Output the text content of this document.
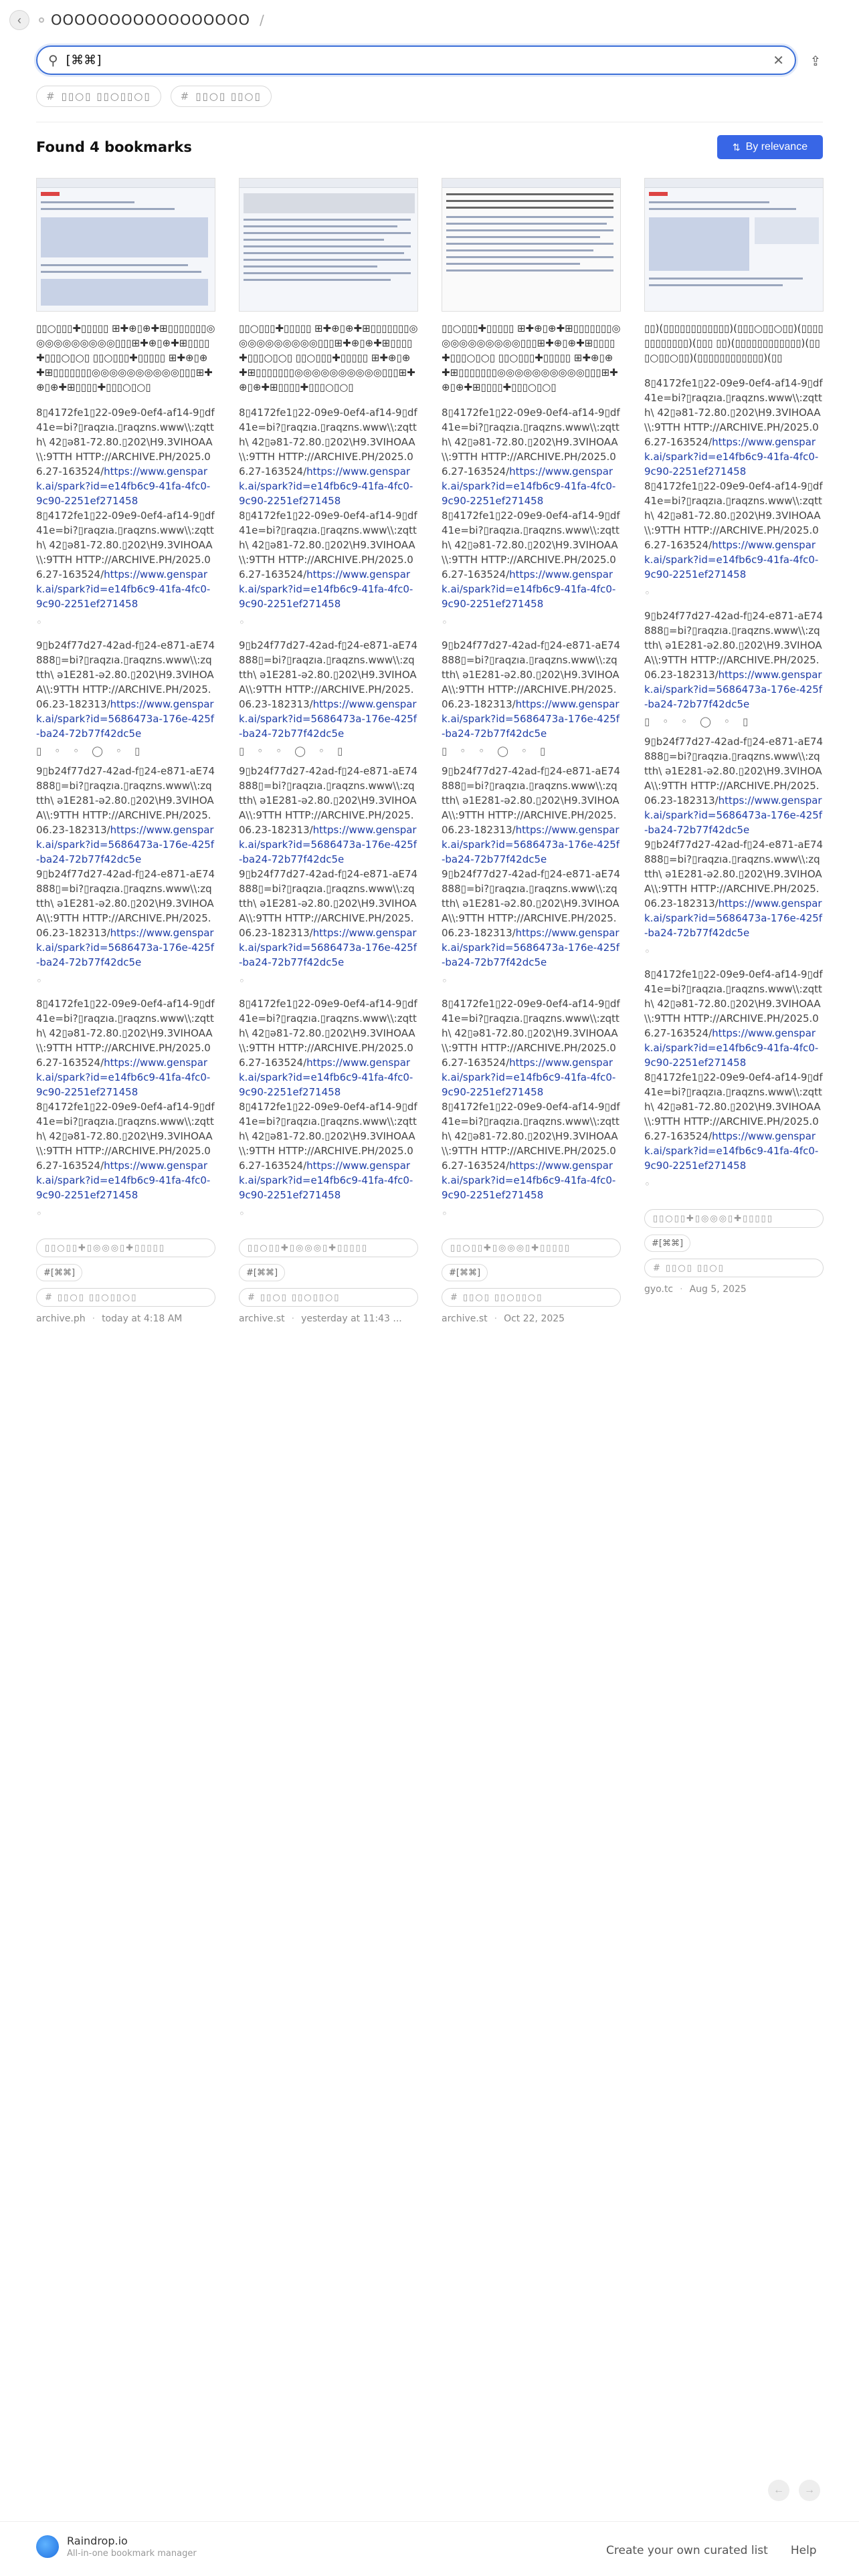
‹ OOOOOOOOOOOOOOOOO /
⚲
[⌘⌘]	✕	⇪
# ▯▯○▯ ▯▯○▯▯○▯	# ▯▯○▯ ▯▯○▯
Found 4 bookmarks	⇅ By relevance
▯▯○▯▯▯✚▯▯▯▯▯ ⊞✚⊕▯⊕✚⊞▯▯▯▯▯▯▯◎◎◎◎◎◎◎◎◎◎▯▯▯⊞✚⊕▯⊕✚⊞▯▯▯▯✚▯▯▯○▯○▯ ▯▯○▯▯▯✚▯▯▯▯▯ ⊞✚⊕▯⊕✚⊞▯▯▯▯▯▯▯◎◎◎◎◎◎◎◎◎◎▯▯▯⊞✚⊕▯⊕✚⊞▯▯▯▯✚▯▯▯○▯○▯
8▯4172fe1▯22-09e9-0ef4-af14-9▯df41e=bi?▯raqzıa.▯raqzns.www\\:zqtth\ 42▯ǝ81-72.80.▯202\H9.3VIHOAA\\:9TTH HTTP://ARCHIVE.PH/2025.06.27-163524/https://www.genspark.ai/spark?id=e14fb6c9-41fa-4fc0-9c90-2251ef271458
8▯4172fe1▯22-09e9-0ef4-af14-9▯df41e=bi?▯raqzıa.▯raqzns.www\\:zqtth\ 42▯ǝ81-72.80.▯202\H9.3VIHOAA\\:9TTH HTTP://ARCHIVE.PH/2025.06.27-163524/https://www.genspark.ai/spark?id=e14fb6c9-41fa-4fc0-9c90-2251ef271458
◦
9▯b24f77d27-42ad-f▯24-e871-aE74888▯=bi?▯raqzıa.▯raqzns.www\\:zqtth\ ǝ1E281-ǝ2.80.▯202\H9.3VIHOAA\\:9TTH HTTP://ARCHIVE.PH/2025.06.23-182313/https://www.genspark.ai/spark?id=5686473a-176e-425f-ba24-72b77f42dc5e
▯    ◦    ◦    ◯    ◦    ▯
9▯b24f77d27-42ad-f▯24-e871-aE74888▯=bi?▯raqzıa.▯raqzns.www\\:zqtth\ ǝ1E281-ǝ2.80.▯202\H9.3VIHOAA\\:9TTH HTTP://ARCHIVE.PH/2025.06.23-182313/https://www.genspark.ai/spark?id=5686473a-176e-425f-ba24-72b77f42dc5e
9▯b24f77d27-42ad-f▯24-e871-aE74888▯=bi?▯raqzıa.▯raqzns.www\\:zqtth\ ǝ1E281-ǝ2.80.▯202\H9.3VIHOAA\\:9TTH HTTP://ARCHIVE.PH/2025.06.23-182313/https://www.genspark.ai/spark?id=5686473a-176e-425f-ba24-72b77f42dc5e
◦
8▯4172fe1▯22-09e9-0ef4-af14-9▯df41e=bi?▯raqzıa.▯raqzns.www\\:zqtth\ 42▯ǝ81-72.80.▯202\H9.3VIHOAA\\:9TTH HTTP://ARCHIVE.PH/2025.06.27-163524/https://www.genspark.ai/spark?id=e14fb6c9-41fa-4fc0-9c90-2251ef271458
8▯4172fe1▯22-09e9-0ef4-af14-9▯df41e=bi?▯raqzıa.▯raqzns.www\\:zqtth\ 42▯ǝ81-72.80.▯202\H9.3VIHOAA\\:9TTH HTTP://ARCHIVE.PH/2025.06.27-163524/https://www.genspark.ai/spark?id=e14fb6c9-41fa-4fc0-9c90-2251ef271458
◦
▯▯○▯▯✚▯◎◎◎▯✚▯▯▯▯▯
#[⌘⌘]
# ▯▯○▯ ▯▯○▯▯○▯
archive.ph · today at 4:18 AM
▯▯○▯▯▯✚▯▯▯▯▯ ⊞✚⊕▯⊕✚⊞▯▯▯▯▯▯▯◎◎◎◎◎◎◎◎◎◎▯▯▯⊞✚⊕▯⊕✚⊞▯▯▯▯✚▯▯▯○▯○▯ ▯▯○▯▯▯✚▯▯▯▯▯ ⊞✚⊕▯⊕✚⊞▯▯▯▯▯▯▯◎◎◎◎◎◎◎◎◎◎▯▯▯⊞✚⊕▯⊕✚⊞▯▯▯▯✚▯▯▯○▯○▯
8▯4172fe1▯22-09e9-0ef4-af14-9▯df41e=bi?▯raqzıa.▯raqzns.www\\:zqtth\ 42▯ǝ81-72.80.▯202\H9.3VIHOAA\\:9TTH HTTP://ARCHIVE.PH/2025.06.27-163524/https://www.genspark.ai/spark?id=e14fb6c9-41fa-4fc0-9c90-2251ef271458
8▯4172fe1▯22-09e9-0ef4-af14-9▯df41e=bi?▯raqzıa.▯raqzns.www\\:zqtth\ 42▯ǝ81-72.80.▯202\H9.3VIHOAA\\:9TTH HTTP://ARCHIVE.PH/2025.06.27-163524/https://www.genspark.ai/spark?id=e14fb6c9-41fa-4fc0-9c90-2251ef271458
◦
9▯b24f77d27-42ad-f▯24-e871-aE74888▯=bi?▯raqzıa.▯raqzns.www\\:zqtth\ ǝ1E281-ǝ2.80.▯202\H9.3VIHOAA\\:9TTH HTTP://ARCHIVE.PH/2025.06.23-182313/https://www.genspark.ai/spark?id=5686473a-176e-425f-ba24-72b77f42dc5e
▯    ◦    ◦    ◯    ◦    ▯
9▯b24f77d27-42ad-f▯24-e871-aE74888▯=bi?▯raqzıa.▯raqzns.www\\:zqtth\ ǝ1E281-ǝ2.80.▯202\H9.3VIHOAA\\:9TTH HTTP://ARCHIVE.PH/2025.06.23-182313/https://www.genspark.ai/spark?id=5686473a-176e-425f-ba24-72b77f42dc5e
9▯b24f77d27-42ad-f▯24-e871-aE74888▯=bi?▯raqzıa.▯raqzns.www\\:zqtth\ ǝ1E281-ǝ2.80.▯202\H9.3VIHOAA\\:9TTH HTTP://ARCHIVE.PH/2025.06.23-182313/https://www.genspark.ai/spark?id=5686473a-176e-425f-ba24-72b77f42dc5e
◦
8▯4172fe1▯22-09e9-0ef4-af14-9▯df41e=bi?▯raqzıa.▯raqzns.www\\:zqtth\ 42▯ǝ81-72.80.▯202\H9.3VIHOAA\\:9TTH HTTP://ARCHIVE.PH/2025.06.27-163524/https://www.genspark.ai/spark?id=e14fb6c9-41fa-4fc0-9c90-2251ef271458
8▯4172fe1▯22-09e9-0ef4-af14-9▯df41e=bi?▯raqzıa.▯raqzns.www\\:zqtth\ 42▯ǝ81-72.80.▯202\H9.3VIHOAA\\:9TTH HTTP://ARCHIVE.PH/2025.06.27-163524/https://www.genspark.ai/spark?id=e14fb6c9-41fa-4fc0-9c90-2251ef271458
◦
▯▯○▯▯✚▯◎◎◎▯✚▯▯▯▯▯
#[⌘⌘]
# ▯▯○▯ ▯▯○▯▯○▯
archive.st · yesterday at 11:43 ...
▯▯○▯▯▯✚▯▯▯▯▯ ⊞✚⊕▯⊕✚⊞▯▯▯▯▯▯▯◎◎◎◎◎◎◎◎◎◎▯▯▯⊞✚⊕▯⊕✚⊞▯▯▯▯✚▯▯▯○▯○▯ ▯▯○▯▯▯✚▯▯▯▯▯ ⊞✚⊕▯⊕✚⊞▯▯▯▯▯▯▯◎◎◎◎◎◎◎◎◎◎▯▯▯⊞✚⊕▯⊕✚⊞▯▯▯▯✚▯▯▯○▯○▯
8▯4172fe1▯22-09e9-0ef4-af14-9▯df41e=bi?▯raqzıa.▯raqzns.www\\:zqtth\ 42▯ǝ81-72.80.▯202\H9.3VIHOAA\\:9TTH HTTP://ARCHIVE.PH/2025.06.27-163524/https://www.genspark.ai/spark?id=e14fb6c9-41fa-4fc0-9c90-2251ef271458
8▯4172fe1▯22-09e9-0ef4-af14-9▯df41e=bi?▯raqzıa.▯raqzns.www\\:zqtth\ 42▯ǝ81-72.80.▯202\H9.3VIHOAA\\:9TTH HTTP://ARCHIVE.PH/2025.06.27-163524/https://www.genspark.ai/spark?id=e14fb6c9-41fa-4fc0-9c90-2251ef271458
◦
9▯b24f77d27-42ad-f▯24-e871-aE74888▯=bi?▯raqzıa.▯raqzns.www\\:zqtth\ ǝ1E281-ǝ2.80.▯202\H9.3VIHOAA\\:9TTH HTTP://ARCHIVE.PH/2025.06.23-182313/https://www.genspark.ai/spark?id=5686473a-176e-425f-ba24-72b77f42dc5e
▯    ◦    ◦    ◯    ◦    ▯
9▯b24f77d27-42ad-f▯24-e871-aE74888▯=bi?▯raqzıa.▯raqzns.www\\:zqtth\ ǝ1E281-ǝ2.80.▯202\H9.3VIHOAA\\:9TTH HTTP://ARCHIVE.PH/2025.06.23-182313/https://www.genspark.ai/spark?id=5686473a-176e-425f-ba24-72b77f42dc5e
9▯b24f77d27-42ad-f▯24-e871-aE74888▯=bi?▯raqzıa.▯raqzns.www\\:zqtth\ ǝ1E281-ǝ2.80.▯202\H9.3VIHOAA\\:9TTH HTTP://ARCHIVE.PH/2025.06.23-182313/https://www.genspark.ai/spark?id=5686473a-176e-425f-ba24-72b77f42dc5e
◦
8▯4172fe1▯22-09e9-0ef4-af14-9▯df41e=bi?▯raqzıa.▯raqzns.www\\:zqtth\ 42▯ǝ81-72.80.▯202\H9.3VIHOAA\\:9TTH HTTP://ARCHIVE.PH/2025.06.27-163524/https://www.genspark.ai/spark?id=e14fb6c9-41fa-4fc0-9c90-2251ef271458
8▯4172fe1▯22-09e9-0ef4-af14-9▯df41e=bi?▯raqzıa.▯raqzns.www\\:zqtth\ 42▯ǝ81-72.80.▯202\H9.3VIHOAA\\:9TTH HTTP://ARCHIVE.PH/2025.06.27-163524/https://www.genspark.ai/spark?id=e14fb6c9-41fa-4fc0-9c90-2251ef271458
◦
▯▯○▯▯✚▯◎◎◎▯✚▯▯▯▯▯
#[⌘⌘]
# ▯▯○▯ ▯▯○▯▯○▯
archive.st · Oct 22, 2025
▯▯)(▯▯▯▯▯▯▯▯▯▯▯▯)(▯▯▯○▯▯○▯▯)(▯▯▯▯▯▯▯▯▯▯▯▯)(▯▯▯ ▯▯)(▯▯▯▯▯▯▯▯▯▯▯▯)(▯▯▯○▯▯○▯▯)(▯▯▯▯▯▯▯▯▯▯▯▯)(▯▯
8▯4172fe1▯22-09e9-0ef4-af14-9▯df41e=bi?▯raqzıa.▯raqzns.www\\:zqtth\ 42▯ǝ81-72.80.▯202\H9.3VIHOAA\\:9TTH HTTP://ARCHIVE.PH/2025.06.27-163524/https://www.genspark.ai/spark?id=e14fb6c9-41fa-4fc0-9c90-2251ef271458
8▯4172fe1▯22-09e9-0ef4-af14-9▯df41e=bi?▯raqzıa.▯raqzns.www\\:zqtth\ 42▯ǝ81-72.80.▯202\H9.3VIHOAA\\:9TTH HTTP://ARCHIVE.PH/2025.06.27-163524/https://www.genspark.ai/spark?id=e14fb6c9-41fa-4fc0-9c90-2251ef271458
◦
9▯b24f77d27-42ad-f▯24-e871-aE74888▯=bi?▯raqzıa.▯raqzns.www\\:zqtth\ ǝ1E281-ǝ2.80.▯202\H9.3VIHOAA\\:9TTH HTTP://ARCHIVE.PH/2025.06.23-182313/https://www.genspark.ai/spark?id=5686473a-176e-425f-ba24-72b77f42dc5e
▯    ◦    ◦    ◯    ◦    ▯
9▯b24f77d27-42ad-f▯24-e871-aE74888▯=bi?▯raqzıa.▯raqzns.www\\:zqtth\ ǝ1E281-ǝ2.80.▯202\H9.3VIHOAA\\:9TTH HTTP://ARCHIVE.PH/2025.06.23-182313/https://www.genspark.ai/spark?id=5686473a-176e-425f-ba24-72b77f42dc5e
9▯b24f77d27-42ad-f▯24-e871-aE74888▯=bi?▯raqzıa.▯raqzns.www\\:zqtth\ ǝ1E281-ǝ2.80.▯202\H9.3VIHOAA\\:9TTH HTTP://ARCHIVE.PH/2025.06.23-182313/https://www.genspark.ai/spark?id=5686473a-176e-425f-ba24-72b77f42dc5e
◦
8▯4172fe1▯22-09e9-0ef4-af14-9▯df41e=bi?▯raqzıa.▯raqzns.www\\:zqtth\ 42▯ǝ81-72.80.▯202\H9.3VIHOAA\\:9TTH HTTP://ARCHIVE.PH/2025.06.27-163524/https://www.genspark.ai/spark?id=e14fb6c9-41fa-4fc0-9c90-2251ef271458
8▯4172fe1▯22-09e9-0ef4-af14-9▯df41e=bi?▯raqzıa.▯raqzns.www\\:zqtth\ 42▯ǝ81-72.80.▯202\H9.3VIHOAA\\:9TTH HTTP://ARCHIVE.PH/2025.06.27-163524/https://www.genspark.ai/spark?id=e14fb6c9-41fa-4fc0-9c90-2251ef271458
◦
▯▯○▯▯✚▯◎◎◎▯✚▯▯▯▯▯
#[⌘⌘]
# ▯▯○▯ ▯▯○▯
gyo.tc · Aug 5, 2025
←	→
Raindrop.io
All-in-one bookmark manager	Create your own curated list Help
